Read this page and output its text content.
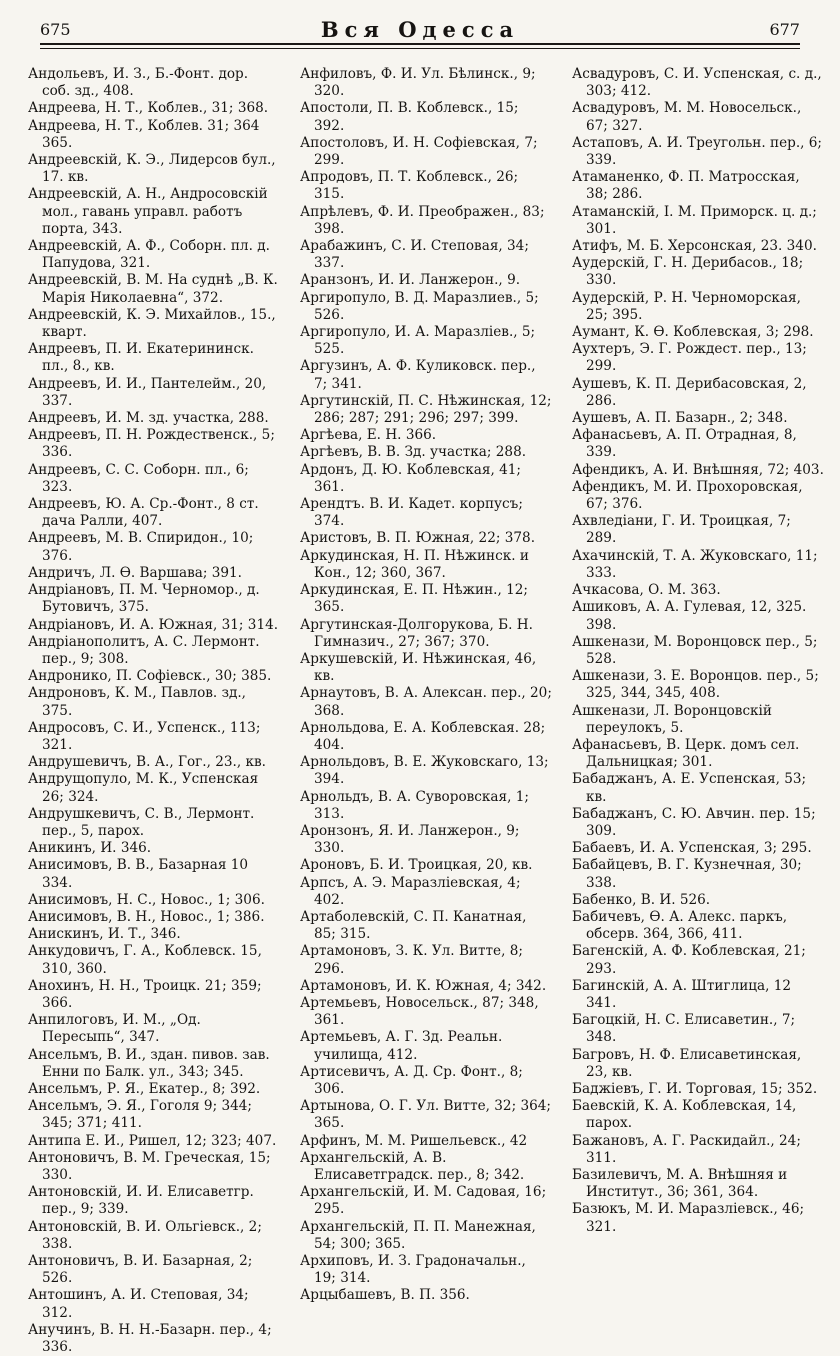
675	Вся Одесса	677

Андольевъ, И. З., Б.-Фонт. дор. соб. зд., 408.

Андреева, Н. Т., Коблев., 31; 368.

Андреева, Н. Т., Коблев. 31; 364 365.

Андреевскій, К. Э., Лидерсов бул., 17. кв.

Андреевскій, А. Н., Андросовскій мол., гавань управл. работъ порта, 343.

Андреевскій, А. Ф., Соборн. пл. д. Папудова, 321.

Андреевскій, В. М. На суднѣ „В. К. Марія Николаевна“, 372.

Андреевскій, К. Э. Михайлов., 15., кварт.

Андреевъ, П. И. Екатерининск. пл., 8., кв.

Андреевъ, И. И., Пантелейм., 20, 337.

Андреевъ, И. М. зд. участка, 288.

Андреевъ, П. Н. Рождественск., 5; 336.

Андреевъ, С. С. Соборн. пл., 6; 323.

Андреевъ, Ю. А. Ср.-Фонт., 8 ст. дача Ралли, 407.

Андреевъ, М. В. Спиридон., 10; 376.

Андричъ, Л. Ѳ. Варшава; 391.

Андріановъ, П. М. Черномор., д. Бутовичъ, 375.

Андріановъ, И. А. Южная, 31; 314.

Андріанополитъ, А. С. Лермонт. пер., 9; 308.

Андронико, П. Софіевск., 30; 385.

Андроновъ, К. М., Павлов. зд., 375.

Андросовъ, С. И., Успенск., 113; 321.

Андрушевичъ, В. А., Гог., 23., кв.

Андрущопуло, М. К., Успенская 26; 324.

Андрушкевичъ, С. В., Лермонт. пер., 5, парох.

Аникинъ, И. 346.

Анисимовъ, В. В., Базарная 10 334.

Анисимовъ, Н. С., Новос., 1; 306.

Анисимовъ, В. Н., Новос., 1; 386.

Анискинъ, И. Т., 346.

Анкудовичъ, Г. А., Коблевск. 15, 310, 360.

Анохинъ, Н. Н., Троицк. 21; 359; 366.

Анпилоговъ, И. М., „Од. Пересыпь“, 347.

Ансельмъ, В. И., здан. пивов. зав. Енни по Балк. ул., 343; 345.

Ансельмъ, Р. Я., Екатер., 8; 392.

Ансельмъ, Э. Я., Гоголя 9; 344; 345; 371; 411.

Антипа Е. И., Ришел, 12; 323; 407.

Антоновичъ, В. М. Греческая, 15; 330.

Антоновскій, И. И. Елисаветгр. пер., 9; 339.

Антоновскій, В. И. Ольгіевск., 2; 338.

Антоновичъ, В. И. Базарная, 2; 526.

Антошинъ, А. И. Степовая, 34; 312.

Анучинъ, В. Н. Н.-Базарн. пер., 4; 336.

Анфиловъ, Ф. И. Ул. Бѣлинск., 9; 320.

Апостоли, П. В. Коблевск., 15; 392.

Апостоловъ, И. Н. Софіевская, 7; 299.

Апродовъ, П. Т. Коблевск., 26; 315.

Апрѣлевъ, Ф. И. Преображен., 83; 398.

Арабажинъ, С. И. Степовая, 34; 337.

Аранзонъ, И. И. Ланжерон., 9.

Аргиропуло, В. Д. Маразлиев., 5; 526.

Аргиропуло, И. А. Маразліев., 5; 525.

Аргузинъ, А. Ф. Куликовск. пер., 7; 341.

Аргутинскій, П. С. Нѣжинская, 12; 286; 287; 291; 296; 297; 399.

Аргѣева, Е. Н. 366.

Аргѣевъ, В. В. Зд. участка; 288.

Ардонъ, Д. Ю. Коблевская, 41; 361.

Арендтъ. В. И. Кадет. корпусъ; 374.

Аристовъ, В. П. Южная, 22; 378.

Аркудинская, Н. П. Нѣжинск. и Кон., 12; 360, 367.

Аркудинская, Е. П. Нѣжин., 12; 365.

Аргутинская-Долгорукова, Б. Н. Гимназич., 27; 367; 370.

Аркушевскій, И. Нѣжинская, 46, кв.

Арнаутовъ, В. А. Алексан. пер., 20; 368.

Арнольдова, Е. А. Коблевская. 28; 404.

Арнольдовъ, В. Е. Жуковскаго, 13; 394.

Арнольдъ, В. А. Суворовская, 1; 313.

Аронзонъ, Я. И. Ланжерон., 9; 330.

Ароновъ, Б. И. Троицкая, 20, кв.

Арпсъ, А. Э. Маразліевская, 4; 402.

Артаболевскій, С. П. Канатная, 85; 315.

Артамоновъ, З. К. Ул. Витте, 8; 296.

Артамоновъ, И. К. Южная, 4; 342.

Артемьевъ, Новосельск., 87; 348, 361.

Артемьевъ, А. Г. Зд. Реальн. училища, 412.

Артисевичъ, А. Д. Ср. Фонт., 8; 306.

Артынова, О. Г. Ул. Витте, 32; 364; 365.

Арфинъ, М. М. Ришельевск., 42

Архангельскій, А. В. Елисаветградск. пер., 8; 342.

Архангельскій, И. М. Садовая, 16; 295.

Архангельскій, П. П. Манежная, 54; 300; 365.

Архиповъ, И. З. Градоначальн., 19; 314.

Арцыбашевъ, В. П. 356.

Асвадуровъ, С. И. Успенская, с. д., 303; 412.

Асвадуровъ, М. М. Новосельск., 67; 327.

Астаповъ, А. И. Треугольн. пер., 6; 339.

Атаманенко, Ф. П. Матросская, 38; 286.

Атаманскій, І. М. Приморск. ц. д.; 301.

Атифъ, М. Б. Херсонская, 23. 340.

Аудерскій, Г. Н. Дерибасов., 18; 330.

Аудерскій, Р. Н. Черноморская, 25; 395.

Аумант, К. Ѳ. Коблевская, 3; 298.

Аухтеръ, Э. Г. Рождест. пер., 13; 299.

Аушевъ, К. П. Дерибасовская, 2, 286.

Аушевъ, А. П. Базарн., 2; 348.

Афанасьевъ, А. П. Отрадная, 8, 339.

Афендикъ, А. И. Внѣшняя, 72; 403.

Афендикъ, М. И. Прохоровская, 67; 376.

Ахвледіани, Г. И. Троицкая, 7; 289.

Ахачинскій, Т. А. Жуковскаго, 11; 333.

Ачкасова, О. М. 363.

Ашиковъ, А. А. Гулевая, 12, 325. 398.

Ашкенази, М. Воронцовск пер., 5; 528.

Ашкенази, З. Е. Воронцов. пер., 5; 325, 344, 345, 408.

Ашкенази, Л. Воронцовскій переулокъ, 5.

Афанасьевъ, В. Церк. домъ сел. Дальницкая; 301.

Бабаджанъ, А. Е. Успенская, 53; кв.

Бабаджанъ, С. Ю. Авчин. пер. 15; 309.

Бабаевъ, И. А. Успенская, 3; 295.

Бабайцевъ, В. Г. Кузнечная, 30; 338.

Бабенко, В. И. 526.

Бабичевъ, Ѳ. А. Алекс. паркъ, обсерв. 364, 366, 411.

Багенскій, А. Ф. Коблевская, 21; 293.

Багинскій, А. А. Штиглица, 12 341.

Багоцкій, Н. С. Елисаветин., 7; 348.

Багровъ, Н. Ф. Елисаветинская, 23, кв.

Баджіевъ, Г. И. Торговая, 15; 352.

Баевскій, К. А. Коблевская, 14, парох.

Бажановъ, А. Г. Раскидайл., 24; 311.

Базилевичъ, М. А. Внѣшняя и Институт., 36; 361, 364.

Базюкъ, М. И. Маразліевск., 46; 321.
